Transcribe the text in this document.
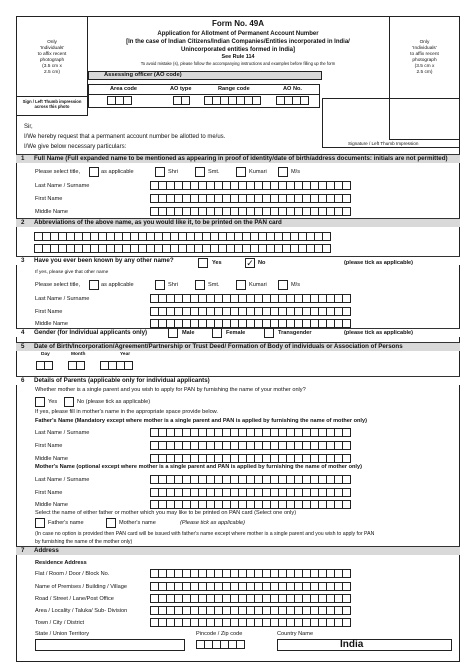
Only
'Individuals'
to affix recent
photograph
(3.5 cm x
2.5 cm)
Sign / Left Thumb impression across this photo
Only
'Individuals'
to affix recent
photograph
(3.5 cm x
2.5 cm)
Signature / Left Thumb Impression
Form No. 49A
Application for Allotment of Permanent Account Number
[In the case of Indian Citizens/Indian Companies/Entities incorporated in India/
Unincorporated entities formed in India]
See Rule 114
To avoid mistake (s), please follow the accompanying instructions and examples before filling up the form
Assessing officer (AO code)
Area code	AO type	Range code	AO No.
Sir,
I/We hereby request that a permanent account number be allotted to me/us.
I/We give below necessary particulars:
1 Full Name (Full expanded name to be mentioned as appearing in proof of identity/date of birth/address documents: initials are not permitted)
Please select title,	as applicable	Shri	Smt.	Kumari	M/s
Last Name / Surname
First Name
Middle Name
2 Abbreviations of the above name, as you would like it, to be printed on the PAN card
3 Have you ever been known by any other name?	Yes	✓ No	(please tick as applicable)
If yes, please give that other name
Please select title,	as applicable	Shri	Smt.	Kumari	M/s
Last Name / Surname
First Name
Middle Name
4 Gender (for Individual applicants only)	Male	Female	Transgender	(please tick as applicable)
5 Date of Birth/Incorporation/Agreement/Partnership or Trust Deed/ Formation of Body of individuals or Association of Persons
Day	Month	Year
6 Details of Parents (applicable only for individual applicants)
Whether mother is a single parent and you wish to apply for PAN by furnishing the name of your mother only?
Yes	No (please tick as applicable)
If yes, please fill in mother's name in the appropriate space provide below.
Father's Name (Mandatory except where mother is a single parent and PAN is applied by furnishing the name of mother only)
Last Name / Surname
First Name
Middle Name
Mother's Name (optional except where mother is a single parent and PAN is applied by furnishing the name of mother only)
Last Name / Surname
First Name
Middle Name
Select the name of either father or mother which you may like to be printed on PAN card (Select one only)
Father's name	Mother's name	(Please tick as applicable)
(In case no option is provided then PAN card will be issued with father's name except where mother is a single parent and you wish to apply for PAN
by furnishing the name of the mother only)
7 Address
Residence Address
Flat / Room / Door / Block No.
Name of Premises / Building / Village
Road / Street / Lane/Post Office
Area / Locality / Taluka/ Sub- Division
Town / City / District
State / Union Territory	Pincode / Zip code	Country Name
India
